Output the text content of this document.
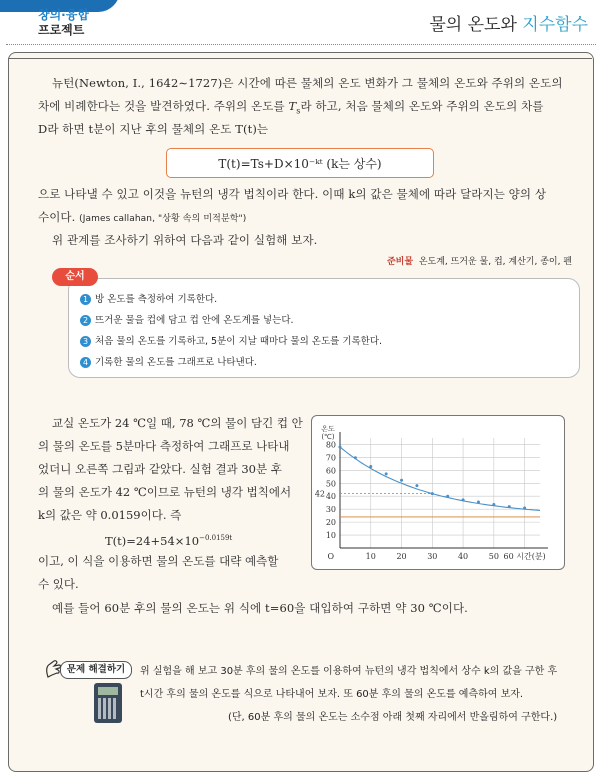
창의·융합
프로젝트	물의 온도와 지수함수
뉴턴(Newton, I., 1642∼1727)은 시간에 따른 물체의 온도 변화가 그 물체의 온도와 주위의 온도의
차에 비례한다는 것을 발견하였다. 주위의 온도를 $T_s$라 하고, 처음 물체의 온도와 주위의 온도의 차를
D라 하면 t분이 지난 후의 물체의 온도 T(t)는
T(t)=Ts+D×10⁻ᵏᵗ (k는 상수)
으로 나타낼 수 있고 이것을 뉴턴의 냉각 법칙이라 한다. 이때 k의 값은 물체에 따라 달라지는 양의 상
수이다. (James callahan, "상황 속의 미적분학")
위 관계를 조사하기 위하여 다음과 같이 실험해 보자.
준비물 온도계, 뜨거운 물, 컵, 계산기, 종이, 펜
순서
1 방 온도를 측정하여 기록한다.
2 뜨거운 물을 컵에 담고 컵 안에 온도계를 넣는다.
3 처음 물의 온도를 기록하고, 5분이 지날 때마다 물의 온도를 기록한다.
4 기록한 물의 온도를 그래프로 나타낸다.
교실 온도가 24 ℃일 때, 78 ℃의 물이 담긴 컵 안
의 물의 온도를 5분마다 측정하여 그래프로 나타내
었더니 오른쪽 그림과 같았다. 실험 결과 30분 후
의 물의 온도가 42 ℃이므로 뉴턴의 냉각 법칙에서
k의 값은 약 0.0159이다. 즉
$T(t)=24+54\times 10^{-0.0159t}$
이고, 이 식을 이용하면 물의 온도를 대략 예측할
수 있다.
예를 들어 60분 후의 물의 온도는 위 식에 t=60을 대입하여 구하면 약 30 ℃이다.
10
20
30
40
50
60
70
80
10	20	30	40	50 60 시간(분)
O
온도
(℃)
42
문제 해결하기	위 실험을 해 보고 30분 후의 물의 온도를 이용하여 뉴턴의 냉각 법칙에서 상수 k의 값을 구한 후
t시간 후의 물의 온도를 식으로 나타내어 보자. 또 60분 후의 물의 온도를 예측하여 보자.
(단, 60분 후의 물의 온도는 소수점 아래 첫째 자리에서 반올림하여 구한다.)
